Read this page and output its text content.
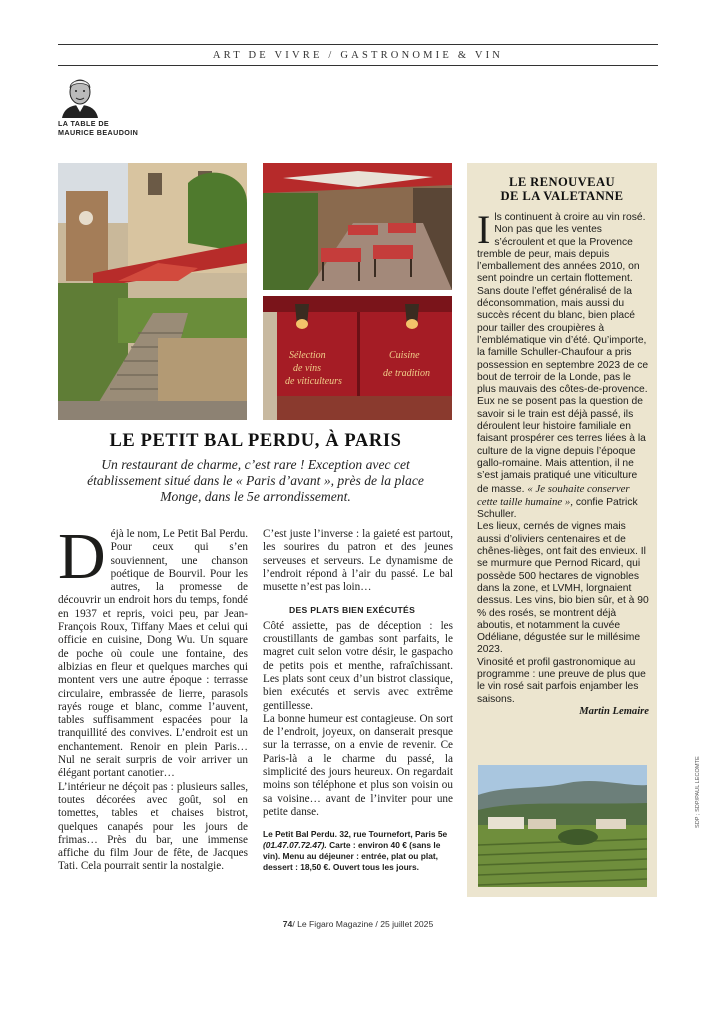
ART DE VIVRE / GASTRONOMIE & VIN
LA TABLE DE
MAURICE BEAUDOIN
Sélection
de vins
de viticulteurs
Cuisine
de tradition
LE PETIT BAL PERDU, À PARIS
Un restaurant de charme, c’est rare ! Exception avec cet établissement situé dans le « Paris d’avant », près de la place Monge, dans le 5e arrondissement.

Déjà le nom, Le Petit Bal Perdu. Pour ceux qui s’en souviennent, une chanson poétique de Bourvil. Pour les autres, la promesse de découvrir un endroit hors du temps, fondé en 1937 et repris, voici peu, par Jean-François Roux, Tiffany Maes et celui qui officie en cuisine, Dong Wu. Un square de poche où coule une fontaine, des albizias en fleur et quelques marches qui montent vers une autre époque : terrasse circulaire, embrassée de lierre, parasols rayés rouge et blanc, comme l’auvent, tables suffisamment espacées pour la tranquillité des convives. L’endroit est un enchantement. Renoir en plein Paris… Nul ne serait surpris de voir arriver un élégant portant canotier…

L’intérieur ne déçoit pas : plusieurs salles, toutes décorées avec goût, sol en tomettes, tables et chaises bistrot, quelques canapés pour les jours de frimas… Près du bar, une immense affiche du film Jour de fête, de Jacques Tati. Cela pourrait sentir la nostalgie.

C’est juste l’inverse : la gaieté est partout, les sourires du patron et des jeunes serveuses et serveurs. Le dynamisme de l’endroit répond à l’air du passé. Le bal musette n’est pas loin…

DES PLATS BIEN EXÉCUTÉS

Côté assiette, pas de déception : les croustillants de gambas sont parfaits, le magret cuit selon votre désir, le gaspacho de petits pois et menthe, rafraîchissant. Les plats sont ceux d’un bistrot classique, bien exécutés et servis avec extrême gentillesse.

La bonne humeur est contagieuse. On sort de l’endroit, joyeux, on danserait presque sur la terrasse, on a envie de revenir. Ce Paris-là a le charme du passé, la simplicité des jours heureux. On regardait moins son téléphone et plus son voisin ou sa voisine… avant de l’inviter pour une petite danse.

Le Petit Bal Perdu. 32, rue Tournefort, Paris 5e (01.47.07.72.47). Carte : environ 40 € (sans le vin). Menu au déjeuner : entrée, plat ou plat, dessert : 18,50 €. Ouvert tous les jours.
LE RENOUVEAU
DE LA VALETANNE
Ils continuent à croire au vin rosé. Non pas que les ventes s’écroulent et que la Provence tremble de peur, mais depuis l’emballement des années 2010, on sent poindre un certain flottement. Sans doute l’effet généralisé de la déconsommation, mais aussi du succès récent du blanc, bien placé pour tailler des croupières à l’emblématique vin d’été. Qu’importe, la famille Schuller-Chaufour a pris possession en septembre 2023 de ce bout de terroir de la Londe, pas le plus mauvais des côtes-de-provence. Eux ne se posent pas la question de savoir si le train est déjà passé, ils déroulent leur histoire familiale en faisant prospérer ces terres liées à la culture de la vigne depuis l’époque gallo-romaine. Mais attention, il ne s’est jamais pratiqué une viticulture de masse. « Je souhaite conserver cette taille humaine », confie Patrick Schuller.
Les lieux, cernés de vignes mais aussi d’oliviers centenaires et de chênes-lièges, ont fait des envieux. Il se murmure que Pernod Ricard, qui possède 500 hectares de vignobles dans la zone, et LVMH, lorgnaient dessus. Les vins, bio bien sûr, et à 90 % des rosés, se montrent déjà aboutis, et notamment la cuvée Odéliane, dégustée sur le millésime 2023.
Vinosité et profil gastronomique au programme : une preuve de plus que le vin rosé sait parfois enjamber les saisons.
Martin Lemaire
74/ Le Figaro Magazine / 25 juillet 2025
SDP ; SDP/PAUL LECOMTE
